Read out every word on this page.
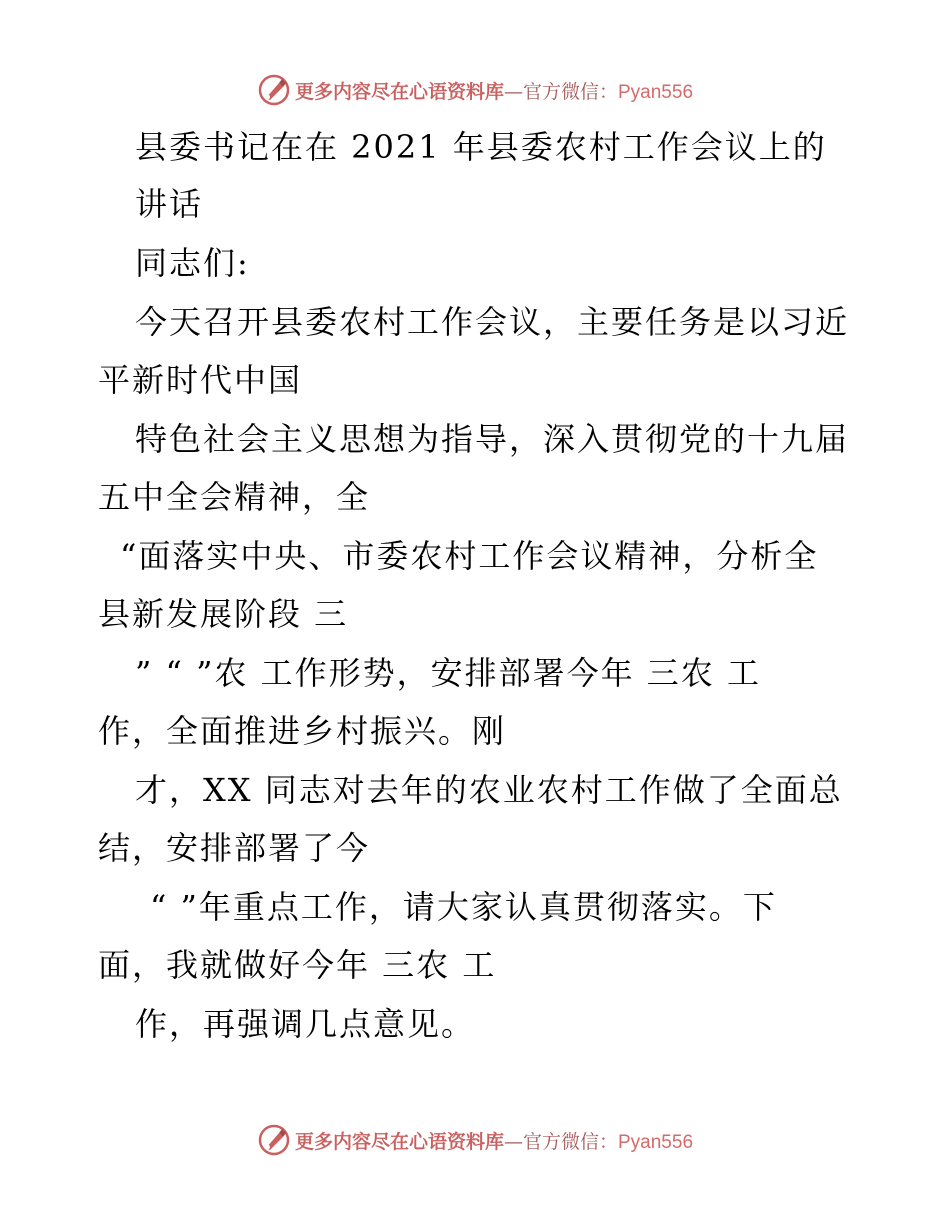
更多内容尽在心语资料库—官方微信：Pyan556
县委书记在在 2021 年县委农村工作会议上的
讲话
同志们:
今天召开县委农村工作会议，主要任务是以习近
平新时代中国
特色社会主义思想为指导，深入贯彻党的十九届
五中全会精神，全
“面落实中央、市委农村工作会议精神，分析全
县新发展阶段 三
” “ ”农 工作形势，安排部署今年 三农 工
作，全面推进乡村振兴。刚
才，XX 同志对去年的农业农村工作做了全面总
结，安排部署了今
“ ”年重点工作，请大家认真贯彻落实。下
面，我就做好今年 三农 工
作，再强调几点意见。
更多内容尽在心语资料库—官方微信：Pyan556
